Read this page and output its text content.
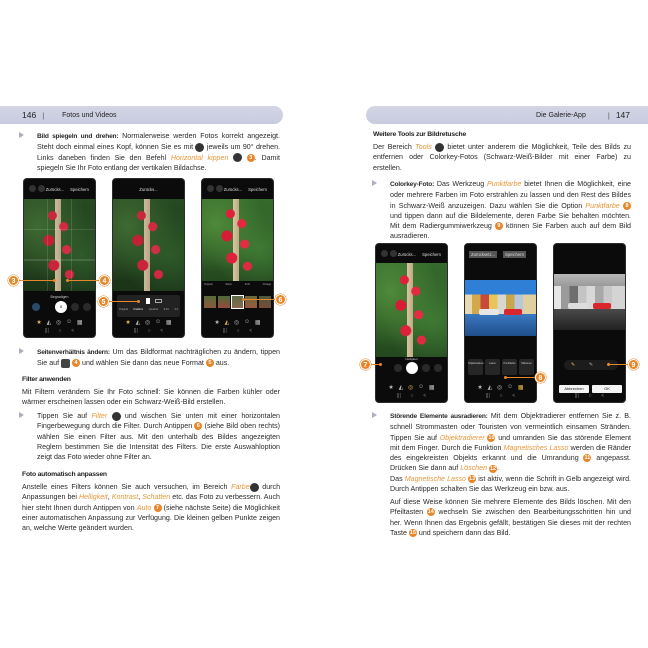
146 |	Fotos und Videos
Bild spiegeln und drehen: Normalerweise werden Fotos korrekt angezeigt. Steht doch einmal eines Kopf, können Sie es mit  jeweils um 90° drehen. Links daneben finden Sie den Befehl Horizontal kippen	3 . Damit spiegeln Sie Ihr Foto entlang der vertikalen Bildachse.
Zurücks... Speichern
Begradigen
0
★ ◭ ◎ ☺ ▦
||| ○ <
Zurücks...
Original Freiform Quadrat 9:16 3:4
★ ◭ ◎ ☺ ▦
||| ○ <
Zurücks... Speichern
Original	Warm	Kühl	Vintage
★ ◭ ◎ ☺ ▦
||| ○ <
3	4
5	6
Seitenverhältnis ändern: Um das Bildformat nachträglichen zu ändern, tippen Sie auf  4 und wählen Sie dann das neue Format 5 aus.
Filter anwenden
Mit Filtern verändern Sie Ihr Foto schnell: Sie können die Farben kühler oder wärmer erscheinen lassen oder ein Schwarz-Weiß-Bild erstellen.
Tippen Sie auf Filter  und wischen Sie unten mit einer horizontalen Fingerbewegung durch die Filter. Durch Antippen 6 (siehe Bild oben rechts) wählen Sie einen Filter aus. Mit den unterhalb des Bildes angezeigten Reglern bestimmen Sie die Intensität des Filters. Die erste Auswahloption zeigt das Foto wieder ohne Filter an.
Foto automatisch anpassen
Anstelle eines Filters können Sie auch versuchen, im Bereich Farbe durch Anpassungen bei Helligkeit, Kontrast, Schatten etc. das Foto zu verbessern. Auch hier steht Ihnen durch Antippen von Auto 7 (siehe nächste Seite) die Möglichkeit einer automatischen Anpassung zur Verfügung. Die kleinen gelben Punkte zeigen an, welche Werte geändert wurden.
Die Galerie-App	| 147
Weitere Tools zur Bildretusche
Der Bereich Tools  bietet unter anderem die Möglichkeit, Teile des Bilds zu entfernen oder Colorkey-Fotos (Schwarz-Weiß-Bilder mit einer Farbe) zu erstellen.
Colorkey-Foto: Das Werkzeug Punktfarbe bietet Ihnen die Möglichkeit, eine oder mehrere Farben im Foto erstrahlen zu lassen und den Rest des Bildes in Schwarz-Weiß anzuzeigen. Dazu wählen Sie die Option Punktfarbe 8 und tippen dann auf die Bildelemente, deren Farbe Sie behalten möchten. Mit dem Radiergummiwerkzeug 9 können Sie Farben auch auf dem Bild ausradieren.
Zurücks... Speichern
Helligkeit
★ ◭ ◎ ☺ ▦
||| ○ <
Zurücksetz...	Speichern
Objektradierer	Lasso	Punktfarbe	Stilisieren
★ ◭ ◎ ☺ ▦
||| ○ <
✎	✎
Abbrechen	OK
||| ○ <
7
8
9
Störende Elemente ausradieren: Mit dem Objektradierer entfernen Sie z. B. schnell Strommasten oder Touristen von vermeintlich einsamen Stränden. Tippen Sie auf Objektradierer 10 und umranden Sie das störende Element mit dem Finger. Durch die Funktion Magnetisches Lasso werden die Ränder des eingekreisten Objekts erkannt und die Umrandung 11 angepasst. Drücken Sie dann auf Löschen 12.
Das Magnetische Lasso 13 ist aktiv, wenn die Schrift in Gelb angezeigt wird. Durch Antippen schalten Sie das Werkzeug ein bzw. aus.
Auf diese Weise können Sie mehrere Elemente des Bilds löschen. Mit den Pfeiltasten 14 wechseln Sie zwischen den Bearbeitungsschritten hin und her. Wenn Ihnen das Ergebnis gefällt, bestätigen Sie dieses mit der rechten Taste 15 und speichern dann das Bild.
